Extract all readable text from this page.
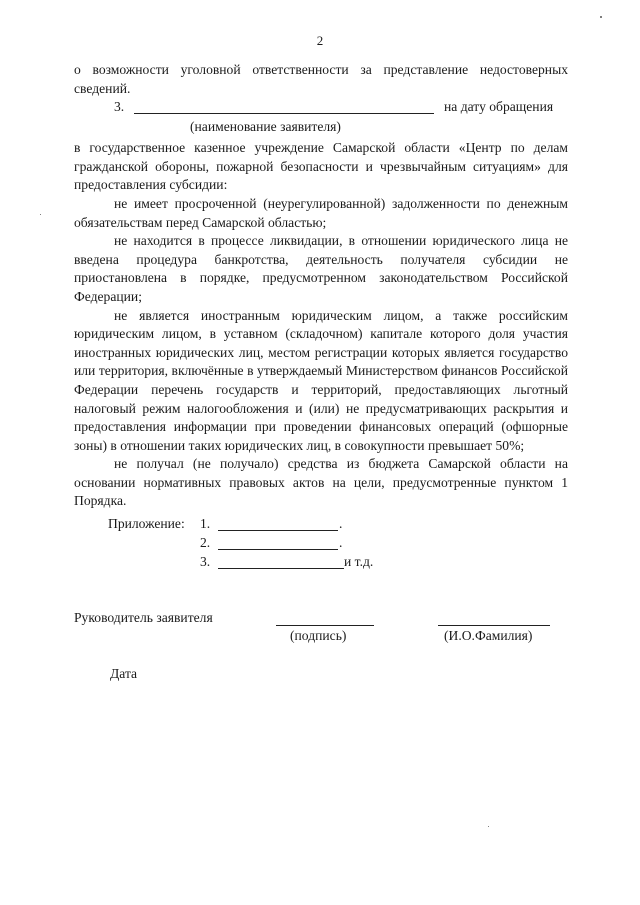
2

о возможности уголовной ответственности за представление недостоверных сведений.

3.	на дату обращения
(наименование заявителя)

в государственное казенное учреждение Самарской области «Центр по делам гражданской обороны, пожарной безопасности и чрезвычайным ситуациям» для предоставления субсидии:

не имеет просроченной (неурегулированной) задолженности по денежным обязательствам перед Самарской областью;

не находится в процессе ликвидации, в отношении юридического лица не введена процедура банкротства, деятельность получателя субсидии не приостановлена в порядке, предусмотренном законодательством Российской Федерации;

не является иностранным юридическим лицом, а также российским юридическим лицом, в уставном (складочном) капитале которого доля участия иностранных юридических лиц, местом регистрации которых является государство или территория, включённые в утверждаемый Министерством финансов Российской Федерации перечень государств и территорий, предоставляющих льготный налоговый режим налогообложения и (или) не предусматривающих раскрытия и предоставления информации при проведении финансовых операций (офшорные зоны) в отношении таких юридических лиц, в совокупности превышает 50%;

не получал (не получало) средства из бюджета Самарской области на основании нормативных правовых актов на цели, предусмотренные пунктом 1 Порядка.

Приложение: 1.	.
2.	.
3.	и т.д.
Руководитель заявителя
(подпись)	(И.О.Фамилия)
Дата
